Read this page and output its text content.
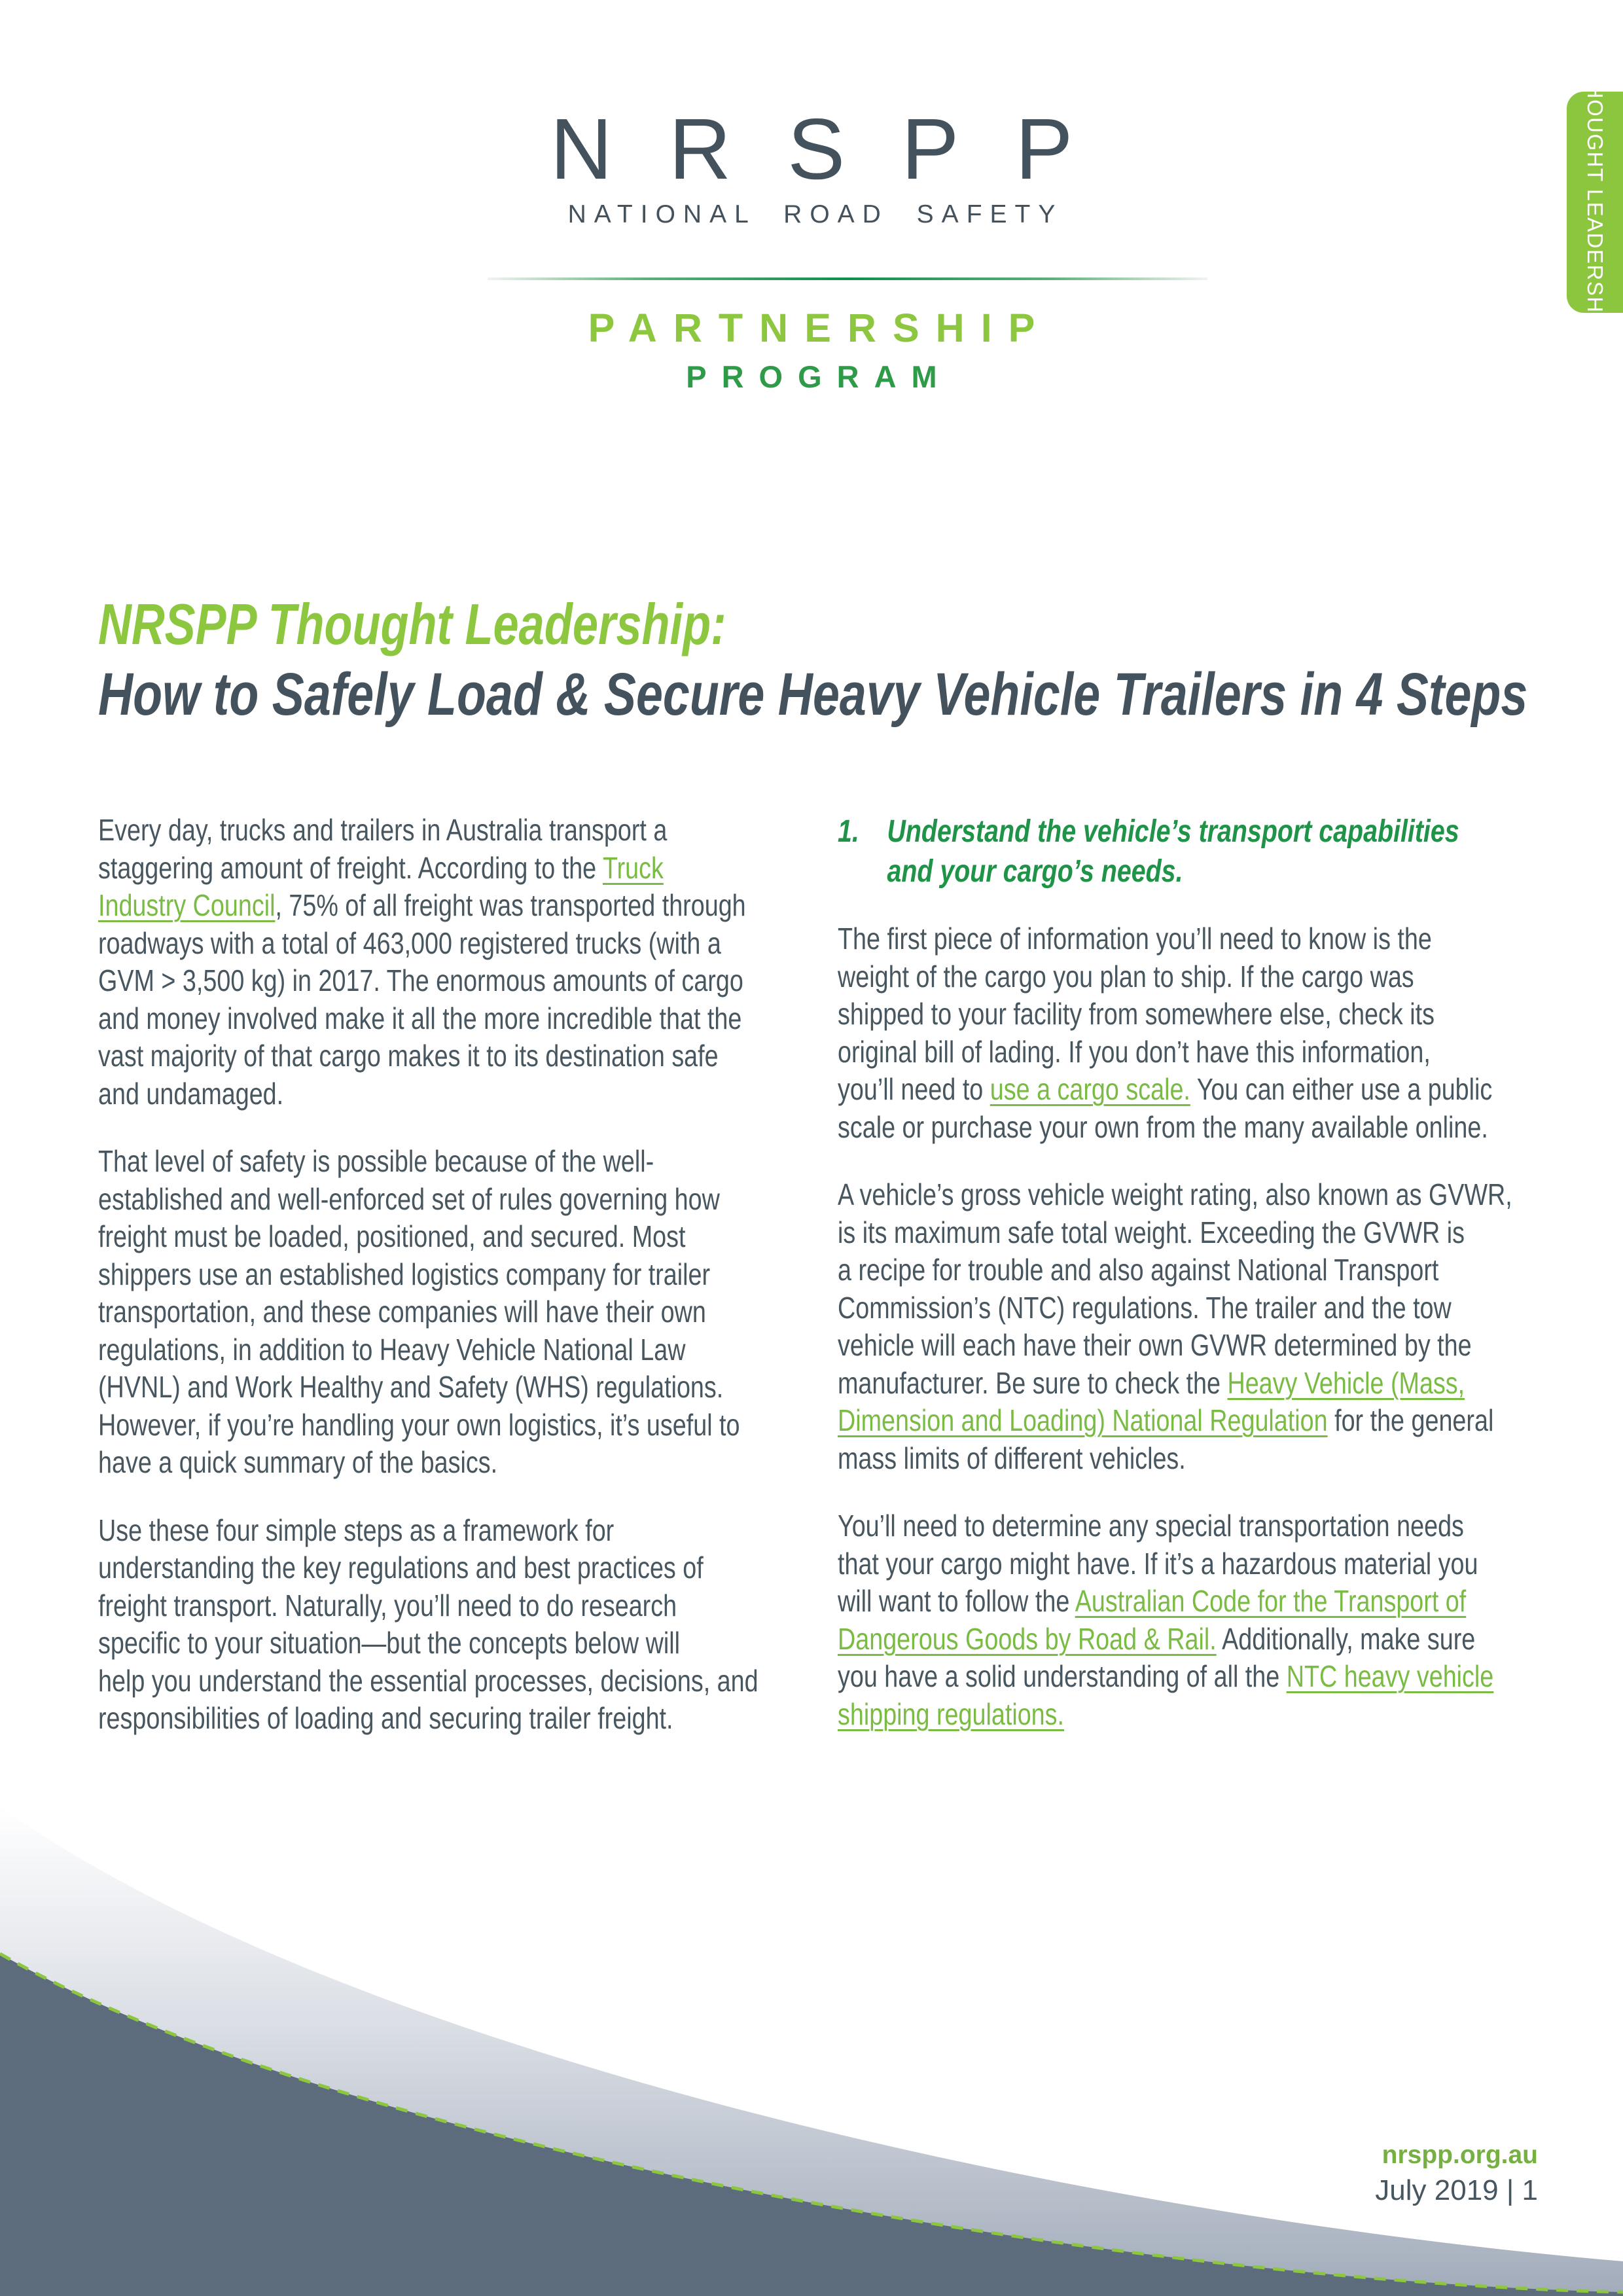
NRSPP
NATIONAL ROAD SAFETY
PARTNERSHIP
PROGRAM
THOUGHT LEADERSHIP
NRSPP Thought Leadership:
How to Safely Load & Secure Heavy Vehicle Trailers in 4 Steps

Every day, trucks and trailers in Australia transport a
staggering amount of freight. According to the Truck
Industry Council, 75% of all freight was transported through
roadways with a total of 463,000 registered trucks (with a
GVM > 3,500 kg) in 2017. The enormous amounts of cargo
and money involved make it all the more incredible that the
vast majority of that cargo makes it to its destination safe
and undamaged.

That level of safety is possible because of the well-
established and well-enforced set of rules governing how
freight must be loaded, positioned, and secured. Most
shippers use an established logistics company for trailer
transportation, and these companies will have their own
regulations, in addition to Heavy Vehicle National Law
(HVNL) and Work Healthy and Safety (WHS) regulations.
However, if you’re handling your own logistics, it’s useful to
have a quick summary of the basics.

Use these four simple steps as a framework for
understanding the key regulations and best practices of
freight transport. Naturally, you’ll need to do research
specific to your situation—but the concepts below will
help you understand the essential processes, decisions, and
responsibilities of loading and securing trailer freight.

1. Understand the vehicle’s transport capabilities
and your cargo’s needs.

The first piece of information you’ll need to know is the
weight of the cargo you plan to ship. If the cargo was
shipped to your facility from somewhere else, check its
original bill of lading. If you don’t have this information,
you’ll need to use a cargo scale. You can either use a public
scale or purchase your own from the many available online.

A vehicle’s gross vehicle weight rating, also known as GVWR,
is its maximum safe total weight. Exceeding the GVWR is
a recipe for trouble and also against National Transport
Commission’s (NTC) regulations. The trailer and the tow
vehicle will each have their own GVWR determined by the
manufacturer. Be sure to check the Heavy Vehicle (Mass,
Dimension and Loading) National Regulation for the general
mass limits of different vehicles.

You’ll need to determine any special transportation needs
that your cargo might have. If it’s a hazardous material you
will want to follow the Australian Code for the Transport of
Dangerous Goods by Road & Rail. Additionally, make sure
you have a solid understanding of all the NTC heavy vehicle
shipping regulations.

nrspp.org.au
July 2019 | 1
